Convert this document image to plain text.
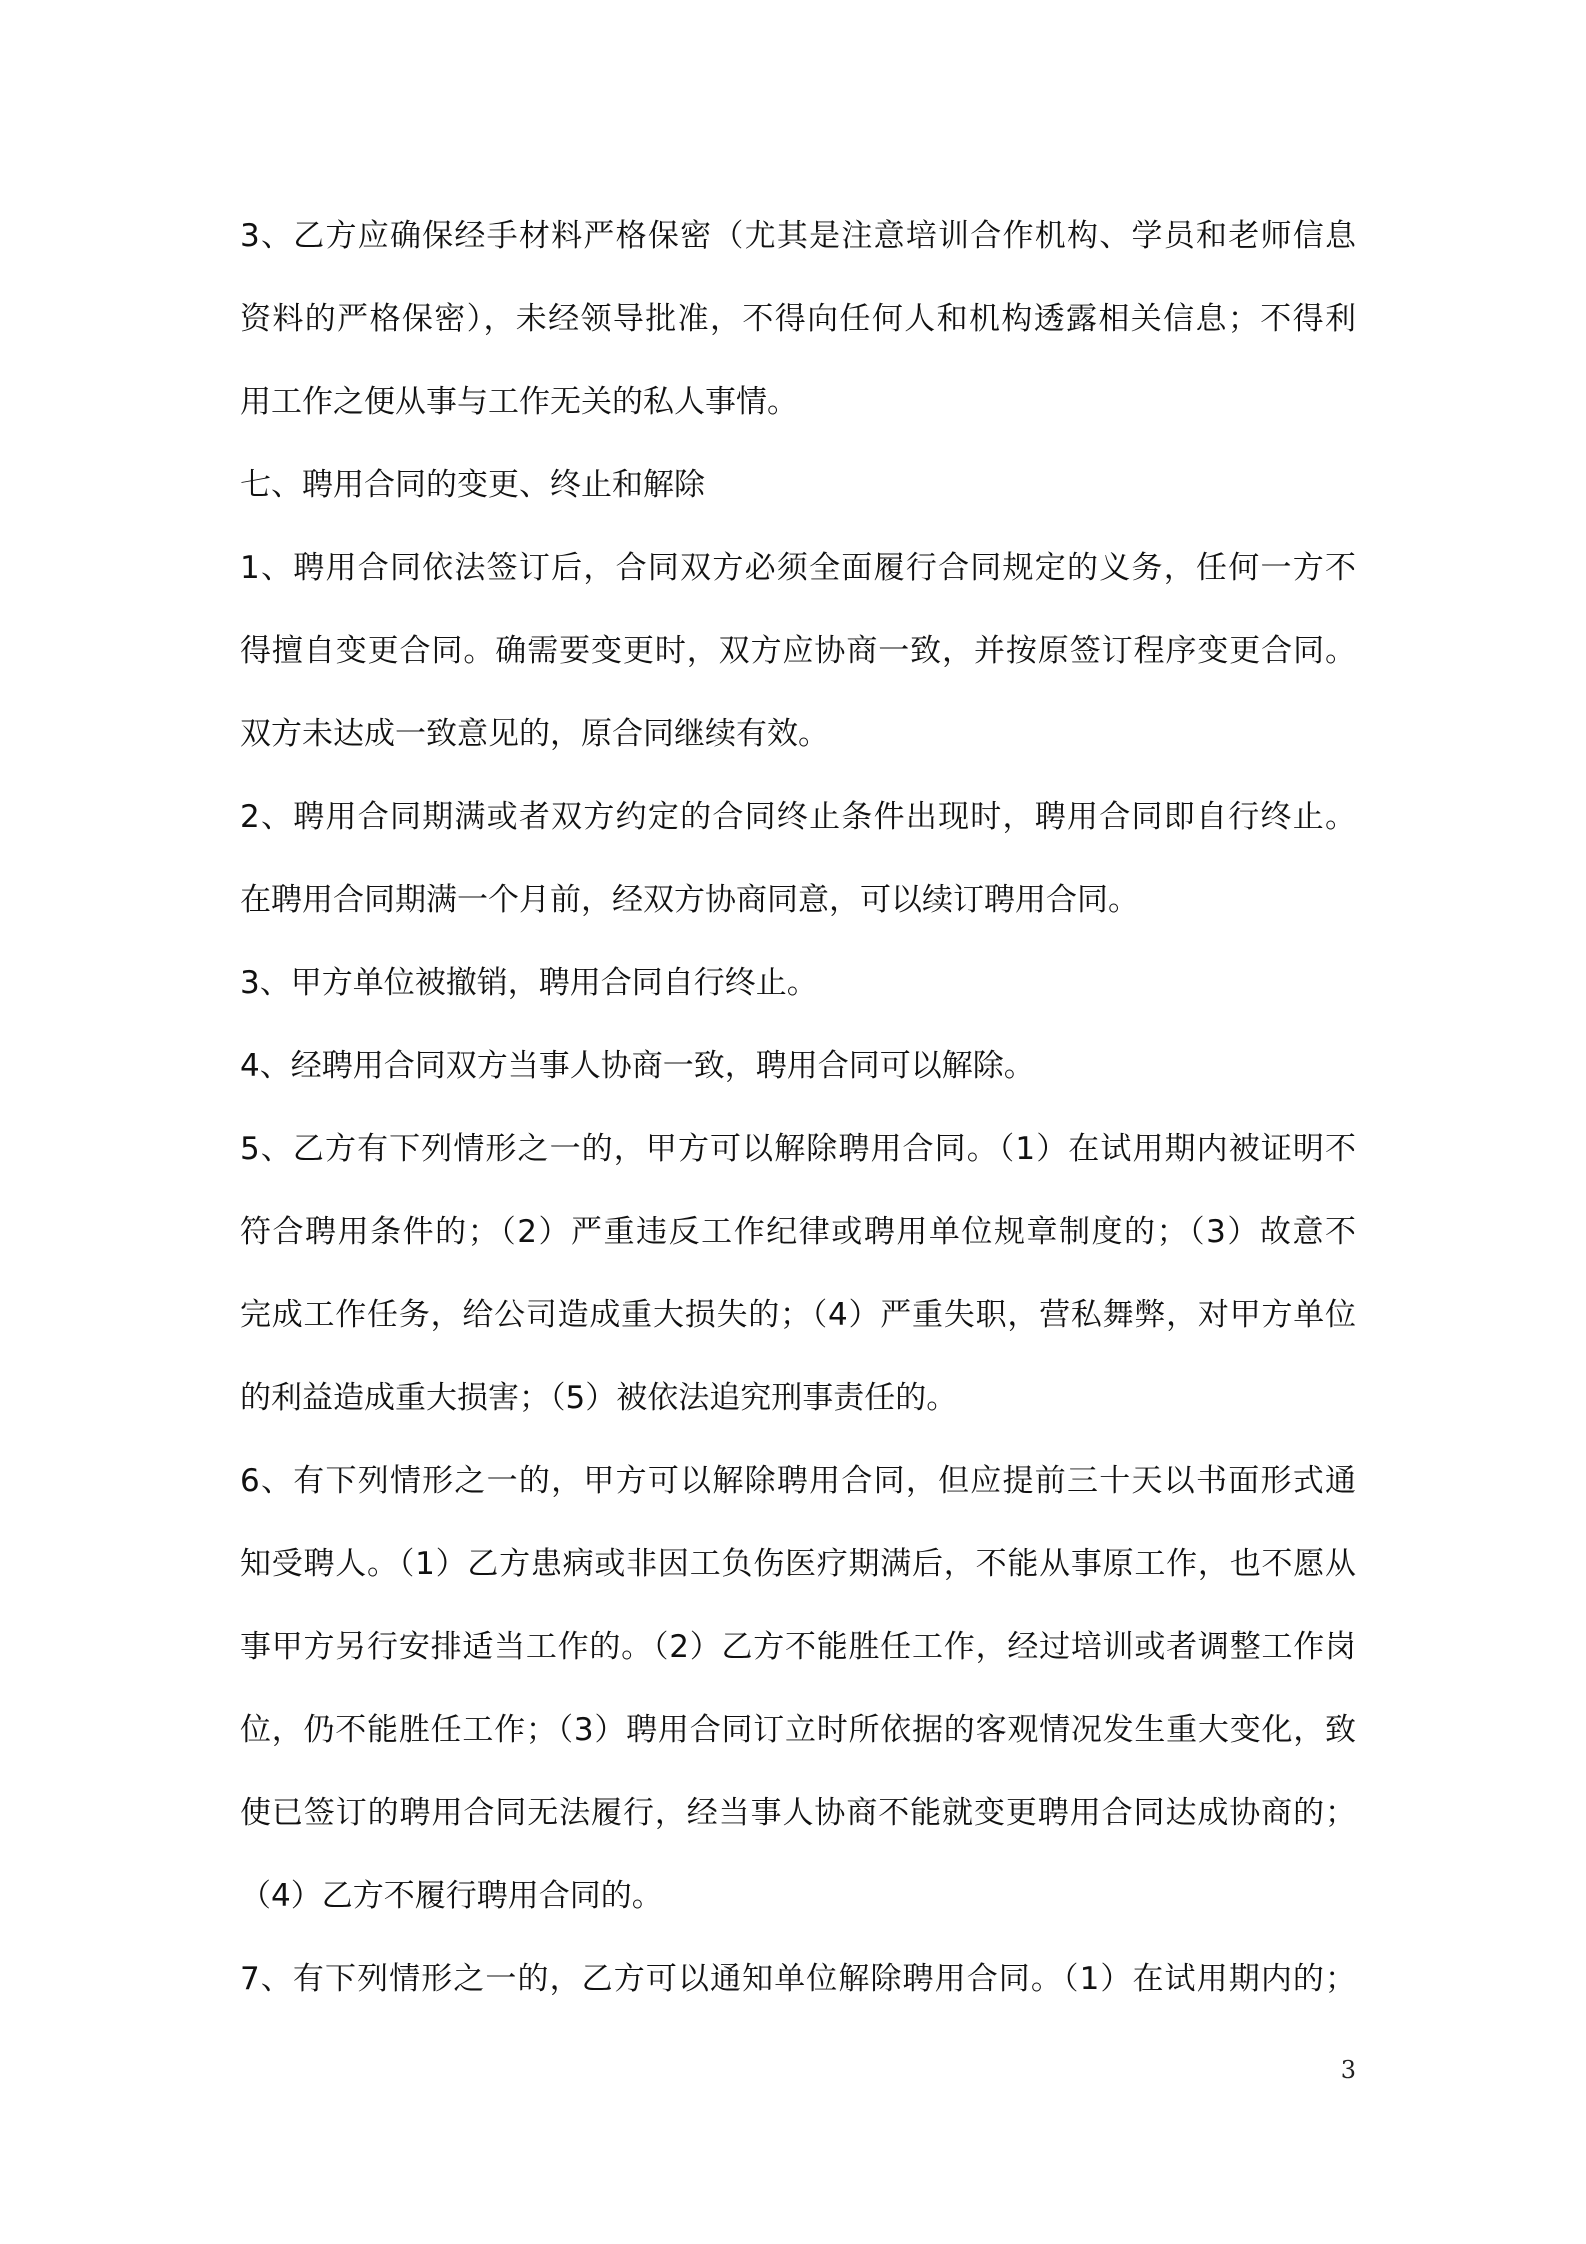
3、乙方应确保经手材料严格保密（尤其是注意培训合作机构、学员和老师信息
资料的严格保密），未经领导批准，不得向任何人和机构透露相关信息；不得利
用工作之便从事与工作无关的私人事情。
七、聘用合同的变更、终止和解除
1、聘用合同依法签订后，合同双方必须全面履行合同规定的义务，任何一方不
得擅自变更合同。确需要变更时，双方应协商一致，并按原签订程序变更合同。
双方未达成一致意见的，原合同继续有效。
2、聘用合同期满或者双方约定的合同终止条件出现时，聘用合同即自行终止。
在聘用合同期满一个月前，经双方协商同意，可以续订聘用合同。
3、甲方单位被撤销，聘用合同自行终止。
4、经聘用合同双方当事人协商一致，聘用合同可以解除。
5、乙方有下列情形之一的，甲方可以解除聘用合同。（1）在试用期内被证明不
符合聘用条件的；（2）严重违反工作纪律或聘用单位规章制度的；（3）故意不
完成工作任务，给公司造成重大损失的；（4）严重失职，营私舞弊，对甲方单位
的利益造成重大损害；（5）被依法追究刑事责任的。
6、有下列情形之一的，甲方可以解除聘用合同，但应提前三十天以书面形式通
知受聘人。（1）乙方患病或非因工负伤医疗期满后，不能从事原工作，也不愿从
事甲方另行安排适当工作的。（2）乙方不能胜任工作，经过培训或者调整工作岗
位，仍不能胜任工作；（3）聘用合同订立时所依据的客观情况发生重大变化，致
使已签订的聘用合同无法履行，经当事人协商不能就变更聘用合同达成协商的；
（4）乙方不履行聘用合同的。
7、有下列情形之一的，乙方可以通知单位解除聘用合同。（1）在试用期内的；
3
